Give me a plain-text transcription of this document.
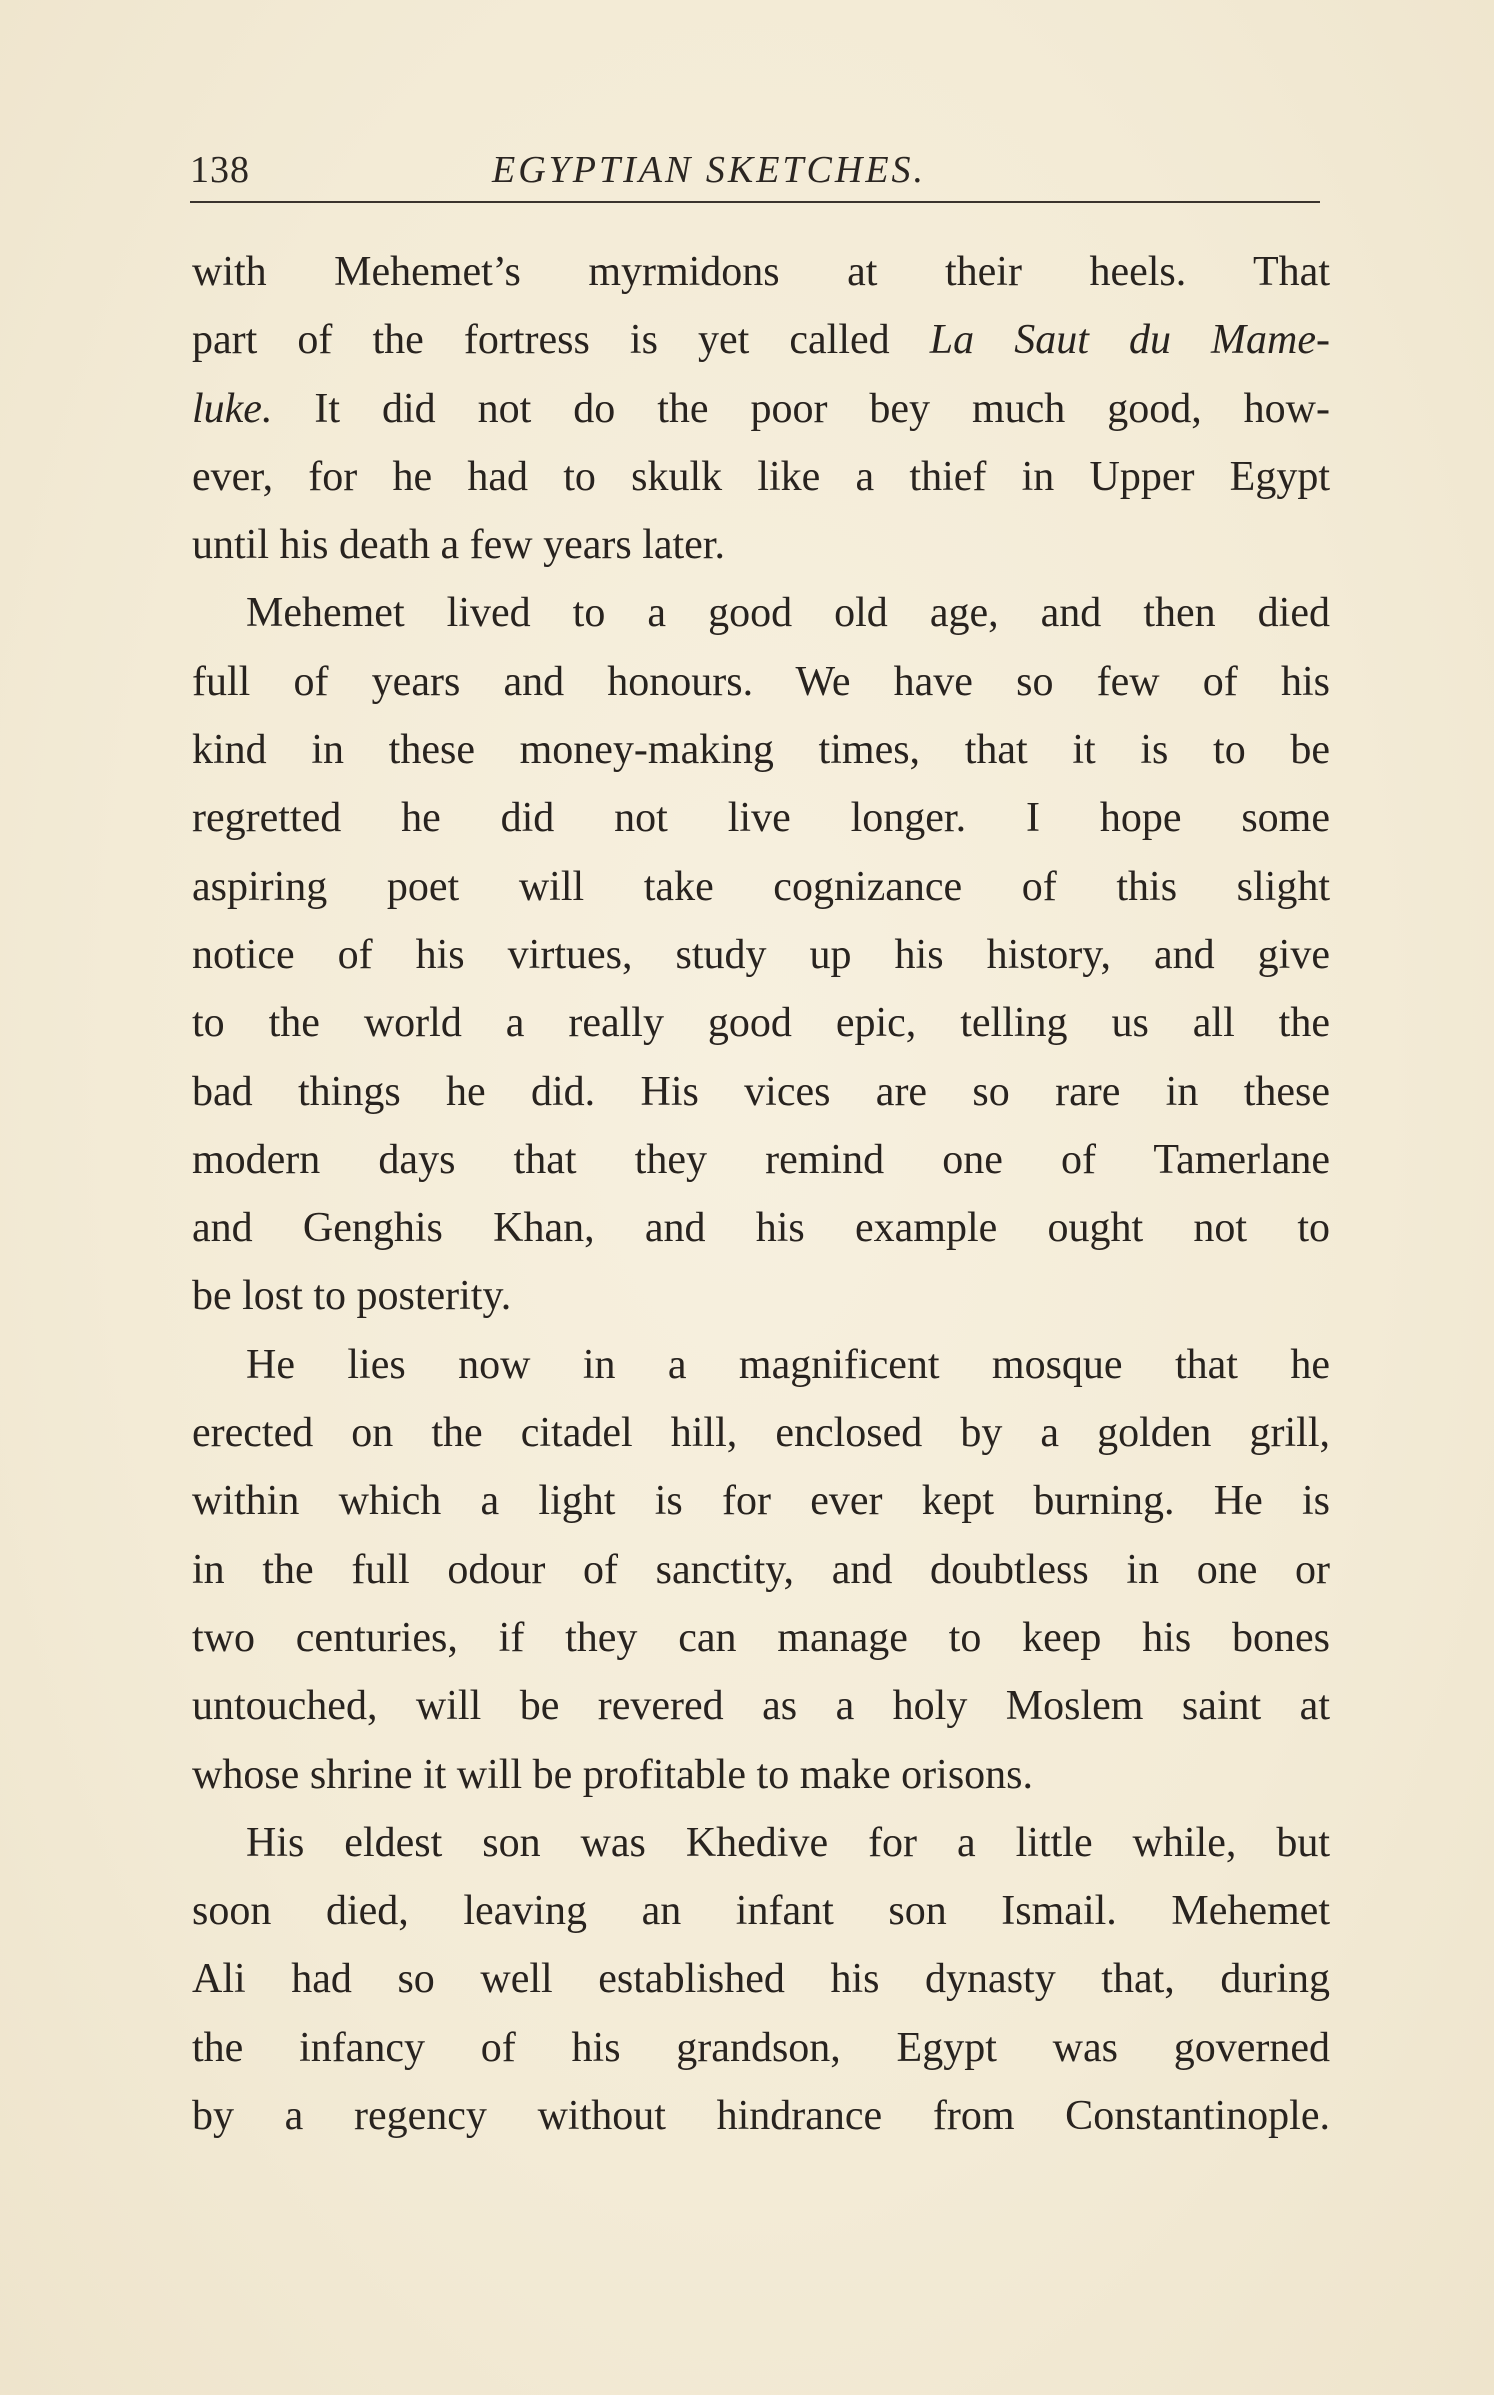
138	EGYPTIAN SKETCHES.
with Mehemet’s myrmidons at their heels. That
part of the fortress is yet called La Saut du Mame-
luke. It did not do the poor bey much good, how-
ever, for he had to skulk like a thief in Upper Egypt
until his death a few years later.
Mehemet lived to a good old age, and then died
full of years and honours. We have so few of his
kind in these money-making times, that it is to be
regretted he did not live longer. I hope some
aspiring poet will take cognizance of this slight
notice of his virtues, study up his history, and give
to the world a really good epic, telling us all the
bad things he did. His vices are so rare in these
modern days that they remind one of Tamerlane
and Genghis Khan, and his example ought not to
be lost to posterity.
He lies now in a magnificent mosque that he
erected on the citadel hill, enclosed by a golden grill,
within which a light is for ever kept burning. He is
in the full odour of sanctity, and doubtless in one or
two centuries, if they can manage to keep his bones
untouched, will be revered as a holy Moslem saint at
whose shrine it will be profitable to make orisons.
His eldest son was Khedive for a little while, but
soon died, leaving an infant son Ismail. Mehemet
Ali had so well established his dynasty that, during
the infancy of his grandson, Egypt was governed
by a regency without hindrance from Constantinople.
